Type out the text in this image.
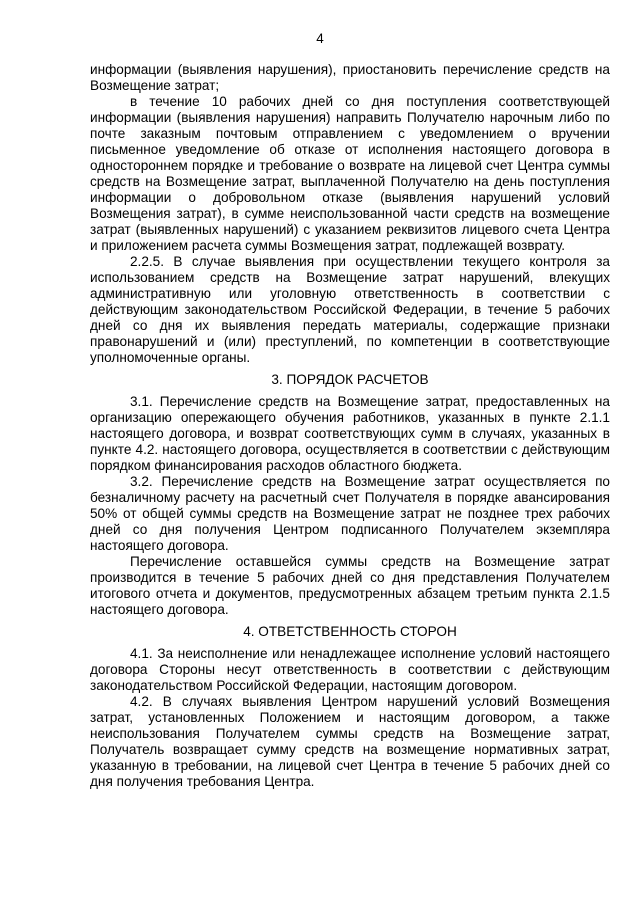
4

информации (выявления нарушения), приостановить перечисление средств на Возмещение затрат;

в течение 10 рабочих дней со дня поступления соответствующей информации (выявления нарушения) направить Получателю нарочным либо по почте заказным почтовым отправлением с уведомлением о вручении письменное уведомление об отказе от исполнения настоящего договора в одностороннем порядке и требование о возврате на лицевой счет Центра суммы средств на Возмещение затрат, выплаченной Получателю на день поступления информации о добровольном отказе (выявления нарушений условий Возмещения затрат), в сумме неиспользованной части средств на возмещение затрат (выявленных нарушений) с указанием реквизитов лицевого счета Центра и приложением расчета суммы Возмещения затрат, подлежащей возврату.

2.2.5. В случае выявления при осуществлении текущего контроля за использованием средств на Возмещение затрат нарушений, влекущих административную или уголовную ответственность в соответствии с действующим законодательством Российской Федерации, в течение 5 рабочих дней со дня их выявления передать материалы, содержащие признаки правонарушений и (или) преступлений, по компетенции в соответствующие уполномоченные органы.

3. ПОРЯДОК РАСЧЕТОВ

3.1. Перечисление средств на Возмещение затрат, предоставленных на организацию опережающего обучения работников, указанных в пункте 2.1.1 настоящего договора, и возврат соответствующих сумм в случаях, указанных в пункте 4.2. настоящего договора, осуществляется в соответствии с действующим порядком финансирования расходов областного бюджета.

3.2. Перечисление средств на Возмещение затрат осуществляется по безналичному расчету на расчетный счет Получателя в порядке авансирования 50% от общей суммы средств на Возмещение затрат не позднее трех рабочих дней со дня получения Центром подписанного Получателем экземпляра настоящего договора.

Перечисление оставшейся суммы средств на Возмещение затрат производится в течение 5 рабочих дней со дня представления Получателем итогового отчета и документов, предусмотренных абзацем третьим пункта 2.1.5 настоящего договора.

4. ОТВЕТСТВЕННОСТЬ СТОРОН

4.1. За неисполнение или ненадлежащее исполнение условий настоящего договора Стороны несут ответственность в соответствии с действующим законодательством Российской Федерации, настоящим договором.

4.2. В случаях выявления Центром нарушений условий Возмещения затрат, установленных Положением и настоящим договором, а также неиспользования Получателем суммы средств на Возмещение затрат, Получатель возвращает сумму средств на возмещение нормативных затрат, указанную в требовании, на лицевой счет Центра в течение 5 рабочих дней со дня получения требования Центра.
